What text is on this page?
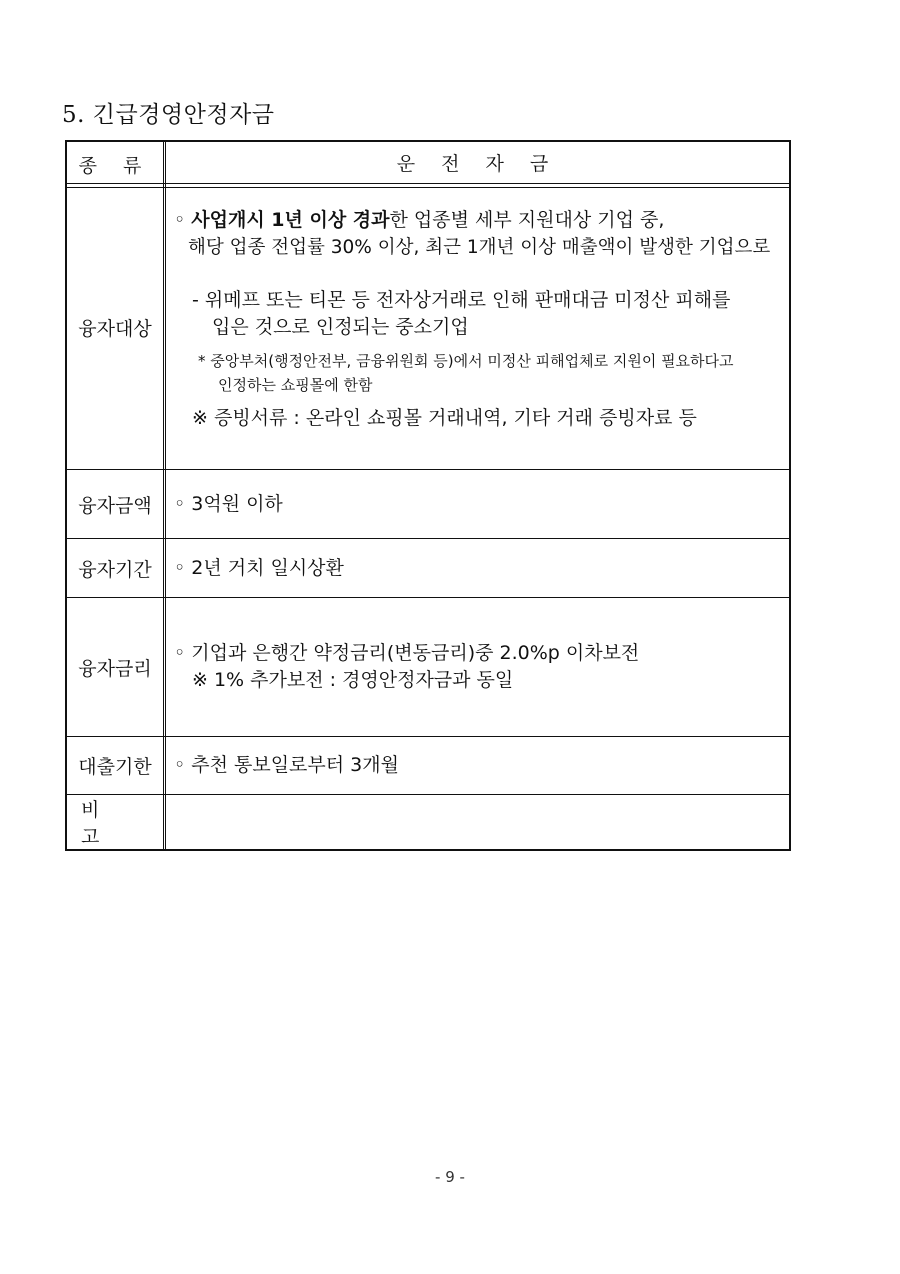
5. 긴급경영안정자금
종 류	운 전 자 금
융자대상
◦ 사업개시 1년 이상 경과한 업종별 세부 지원대상 기업 중,
해당 업종 전업률 30% 이상, 최근 1개년 이상 매출액이 발생한 기업으로
- 위메프 또는 티몬 등 전자상거래로 인해 판매대금 미정산 피해를
입은 것으로 인정되는 중소기업
* 중앙부처(행정안전부, 금융위원회 등)에서 미정산 피해업체로 지원이 필요하다고
인정하는 쇼핑몰에 한함
※ 증빙서류 : 온라인 쇼핑몰 거래내역, 기타 거래 증빙자료 등
융자금액 ◦ 3억원 이하
융자기간 ◦ 2년 거치 일시상환
융자금리
◦ 기업과 은행간 약정금리(변동금리)중 2.0%p 이차보전
※ 1% 추가보전 : 경영안정자금과 동일
대출기한 ◦ 추천 통보일로부터 3개월
비 고
- 9 -
